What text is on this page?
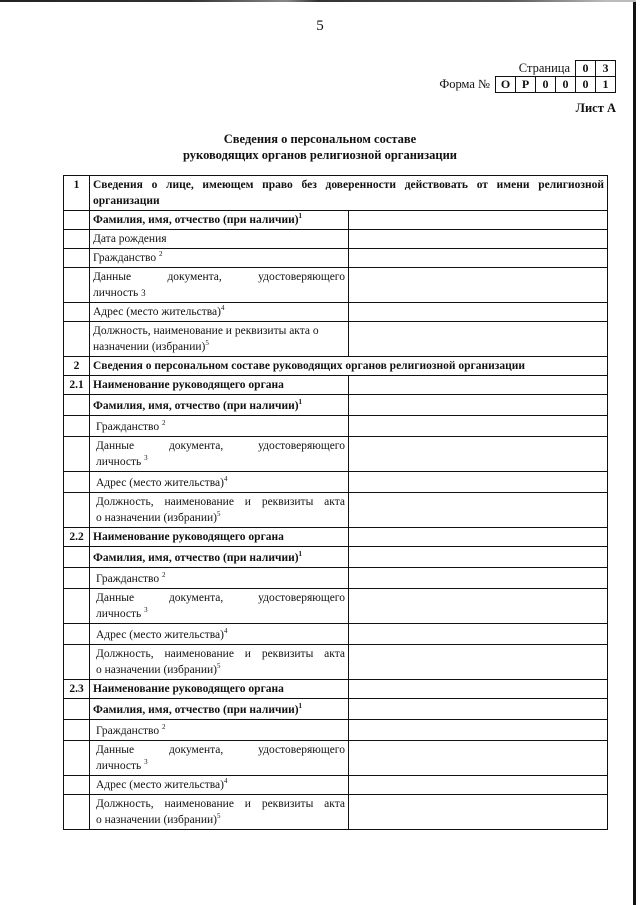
5
Страница	0	3
Форма № О Р	0	0	0	1
Лист А
Сведения о персональном составе
руководящих органов религиозной организации
1	Сведения о лице, имеющем право без доверенности действовать от имени религиозной организации	
	Фамилия, имя, отчество (при наличии)$^1$	
	Дата рождения	
	Гражданство $^2$	

	Данные документа, удостоверяющего
личность 3	

	Адрес (место жительства)$^4$	

	Должность, наименование и реквизиты акта о
назначении (избрании)$^5$

2	Сведения о персональном составе руководящих органов религиозной организации	
2.1	Наименование руководящего органа	
	Фамилия, имя, отчество (при наличии)$^1$	
	Гражданство $^2$	

	Данные документа, удостоверяющего
личность $^3$

	Адрес (место жительства)$^4$	

	Должность, наименование и реквизиты акта
о назначении (избрании)$^5$

2.2	Наименование руководящего органа	
	Фамилия, имя, отчество (при наличии)$^1$	
	Гражданство $^2$	

	Данные документа, удостоверяющего
личность $^3$

	Адрес (место жительства)$^4$	

	Должность, наименование и реквизиты акта
о назначении (избрании)$^5$

2.3	Наименование руководящего органа	
	Фамилия, имя, отчество (при наличии)$^1$	
	Гражданство $^2$	

	Данные документа, удостоверяющего
личность $^3$

	Адрес (место жительства)$^4$	

	Должность, наименование и реквизиты акта
о назначении (избрании)$^5$
